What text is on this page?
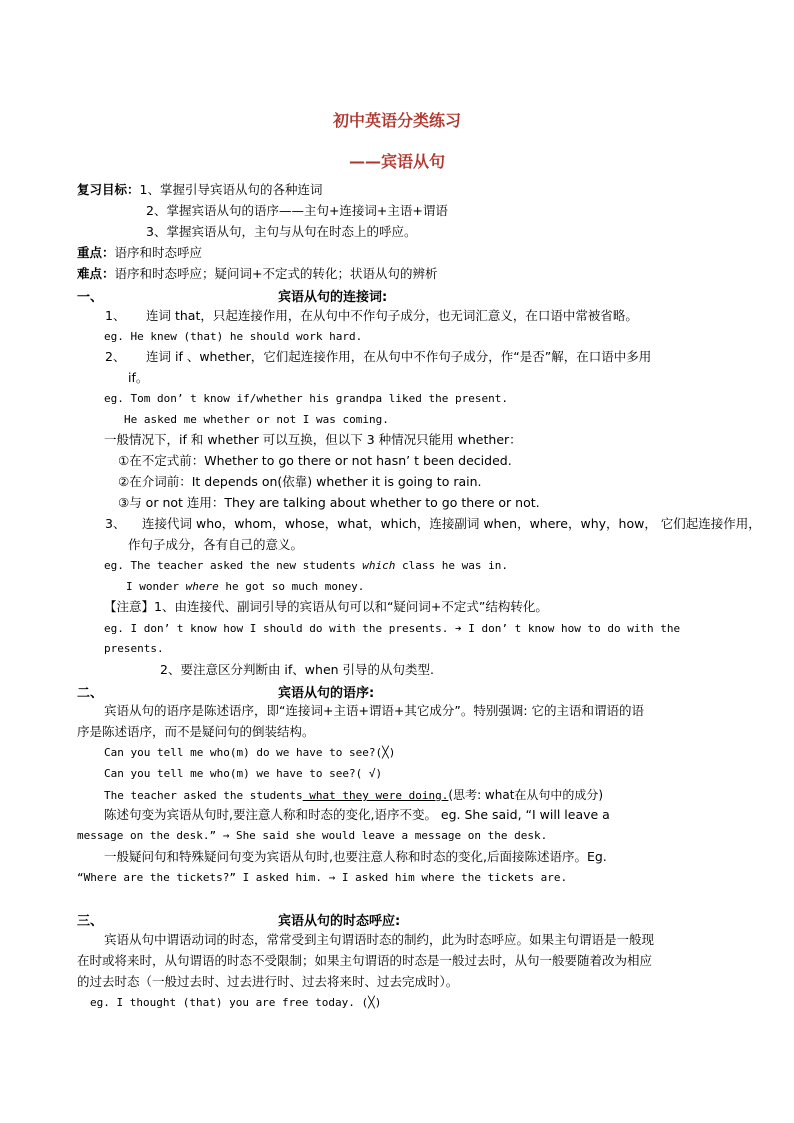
初中英语分类练习
——宾语从句
复习目标：1、掌握引导宾语从句的各种连词
2、掌握宾语从句的语序——主句+连接词+主语+谓语
3、掌握宾语从句，主句与从句在时态上的呼应。
重点：语序和时态呼应
难点：语序和时态呼应；疑问词+不定式的转化；状语从句的辨析
一、	宾语从句的连接词:
1、 连词 that，只起连接作用，在从句中不作句子成分，也无词汇意义，在口语中常被省略。
eg. He knew (that) he should work hard.
2、 连词 if 、whether，它们起连接作用，在从句中不作句子成分，作“是否”解，在口语中多用
if。
eg. Tom don’ t know if/whether his grandpa liked the present.
He asked me whether or not I was coming.
一般情况下，if 和 whether 可以互换，但以下 3 种情况只能用 whether：
①在不定式前：Whether to go there or not hasn’ t been decided.
②在介词前：It depends on(依靠) whether it is going to rain.
③与 or not 连用：They are talking about whether to go there or not.
3、 连接代词 who，whom，whose，what，which，连接副词 when，where，why，how， 它们起连接作用，
作句子成分，各有自己的意义。
eg. The teacher asked the new students which class he was in.
I wonder where he got so much money.
【注意】1、由连接代、副词引导的宾语从句可以和“疑问词+不定式”结构转化。
eg. I don’ t know how I should do with the presents. ➔ I don’ t know how to do with the
presents.
2、要注意区分判断由 if、when 引导的从句类型.
二、	宾语从句的语序:
宾语从句的语序是陈述语序，即“连接词+主语+谓语+其它成分”。特别强调: 它的主语和谓语的语
序是陈述语序，而不是疑问句的倒装结构。
Can you tell me who(m) do we have to see?(╳)
Can you tell me who(m) we have to see?( √)
The teacher asked the students what they were doing.(思考: what在从句中的成分)
陈述句变为宾语从句时,要注意人称和时态的变化,语序不变。 eg. She said, “I will leave a
message on the desk.” → She said she would leave a message on the desk.
一般疑问句和特殊疑问句变为宾语从句时,也要注意人称和时态的变化,后面接陈述语序。Eg.
“Where are the tickets?” I asked him. → I asked him where the tickets are.
三、	宾语从句的时态呼应:
宾语从句中谓语动词的时态，常常受到主句谓语时态的制约，此为时态呼应。如果主句谓语是一般现
在时或将来时，从句谓语的时态不受限制；如果主句谓语的时态是一般过去时，从句一般要随着改为相应
的过去时态（一般过去时、过去进行时、过去将来时、过去完成时）。
eg. I thought (that) you are free today. (╳)
